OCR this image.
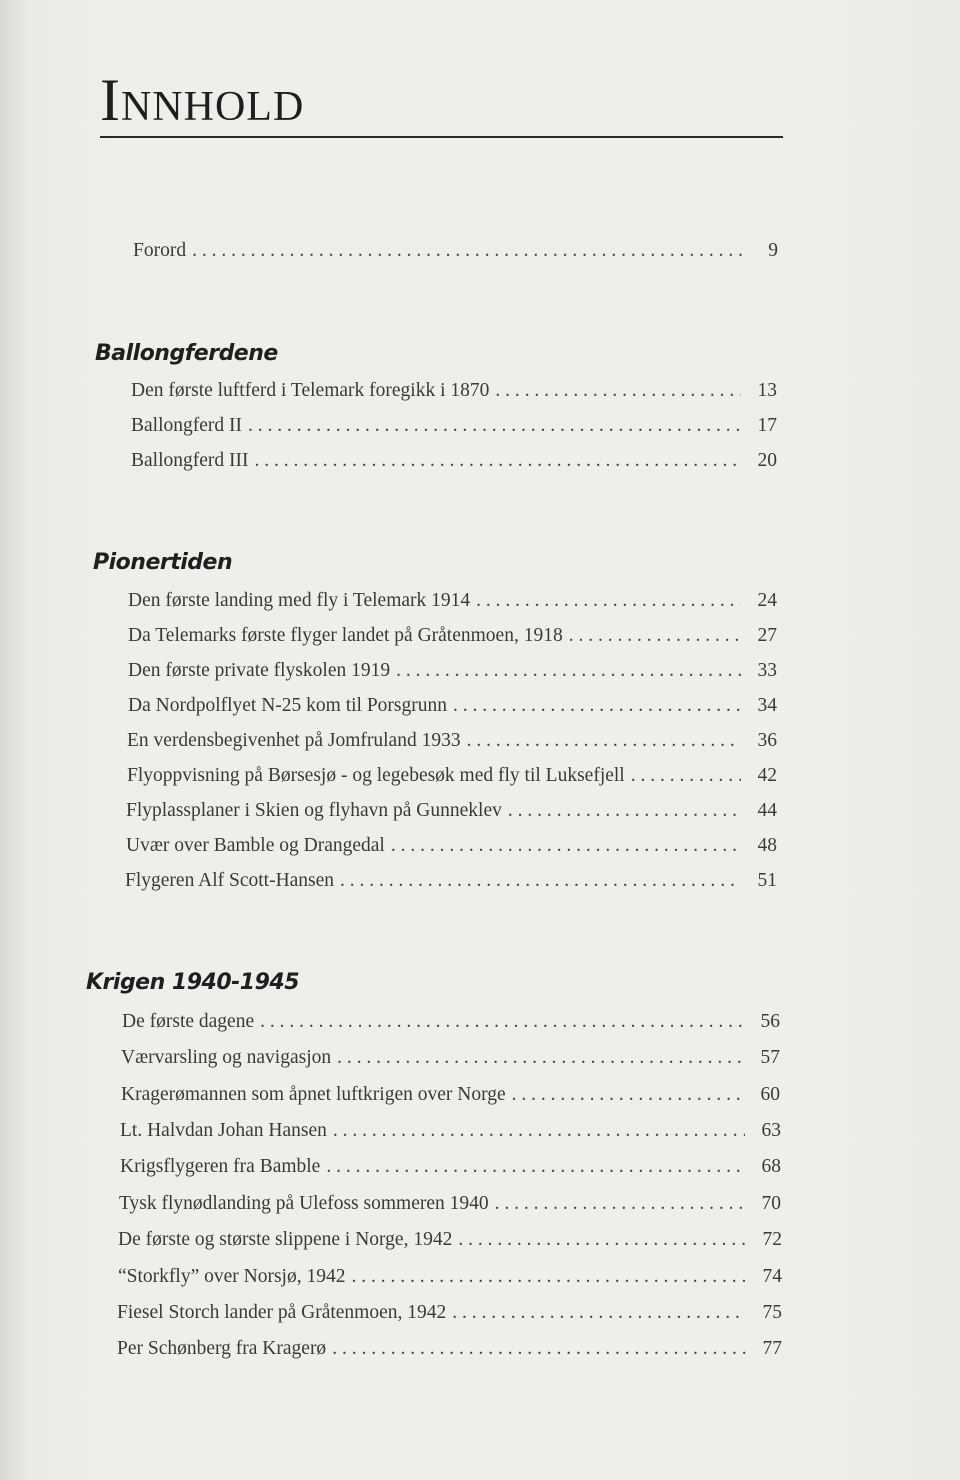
Innhold
Forord . . .	9
Ballongferdene
Den første luftferd i Telemark foregikk i 1870 . . .	13
Ballongferd II . . .	17
Ballongferd III . . .	20
Pionertiden
Den første landing med fly i Telemark 1914 . . .	24
Da Telemarks første flyger landet på Gråtenmoen, 1918 . . .	27
Den første private flyskolen 1919 . . .	33
Da Nordpolflyet N-25 kom til Porsgrunn . . .	34
En verdensbegivenhet på Jomfruland 1933 . . .	36
Flyoppvisning på Børsesjø - og legebesøk med fly til Luksefjell . . .	42
Flyplassplaner i Skien og flyhavn på Gunneklev . . .	44
Uvær over Bamble og Drangedal . . .	48
Flygeren Alf Scott-Hansen . . .	51
Krigen 1940-1945
De første dagene . . .	56
Værvarsling og navigasjon . . .	57
Kragerømannen som åpnet luftkrigen over Norge . . .	60
Lt. Halvdan Johan Hansen . . .	63
Krigsflygeren fra Bamble . . .	68
Tysk flynødlanding på Ulefoss sommeren 1940 . . .	70
De første og største slippene i Norge, 1942 . . .	72
“Storkfly” over Norsjø, 1942 . . .	74
Fiesel Storch lander på Gråtenmoen, 1942 . . .	75
Per Schønberg fra Kragerø . . .	77
